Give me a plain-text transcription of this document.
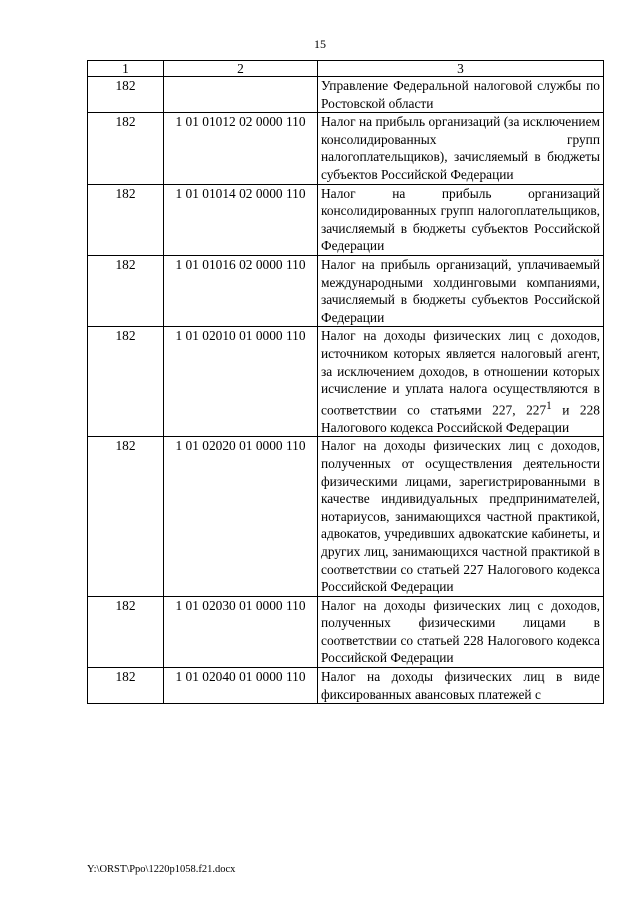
15
1	2	3
182		Управление Федеральной налоговой службы по Ростовской области
182	1 01 01012 02 0000 110	Налог на прибыль организаций (за исключением консолидированных групп налогоплательщиков), зачисляемый в бюджеты субъектов Российской Федерации
182	1 01 01014 02 0000 110	Налог на прибыль организаций консолидированных групп налогоплательщиков, зачисляемый в бюджеты субъектов Российской Федерации
182	1 01 01016 02 0000 110	Налог на прибыль организаций, уплачиваемый международными холдинговыми компаниями, зачисляемый в бюджеты субъектов Российской Федерации
182	1 01 02010 01 0000 110	Налог на доходы физических лиц с доходов, источником которых является налоговый агент, за исключением доходов, в отношении которых исчисление и уплата налога осуществляются в соответствии со статьями 227, $227^1$ и 228 Налогового кодекса Российской Федерации
182	1 01 02020 01 0000 110	Налог на доходы физических лиц с доходов, полученных от осуществления деятельности физическими лицами, зарегистрированными в качестве индивидуальных предпринимателей, нотариусов, занимающихся частной практикой, адвокатов, учредивших адвокатские кабинеты, и других лиц, занимающихся частной практикой в соответствии со статьей 227 Налогового кодекса Российской Федерации
182	1 01 02030 01 0000 110	Налог на доходы физических лиц с доходов, полученных физическими лицами в соответствии со статьей 228 Налогового кодекса Российской Федерации
182	1 01 02040 01 0000 110	Налог на доходы физических лиц в виде фиксированных авансовых платежей с
Y:\ORST\Ppo\1220p1058.f21.docx
